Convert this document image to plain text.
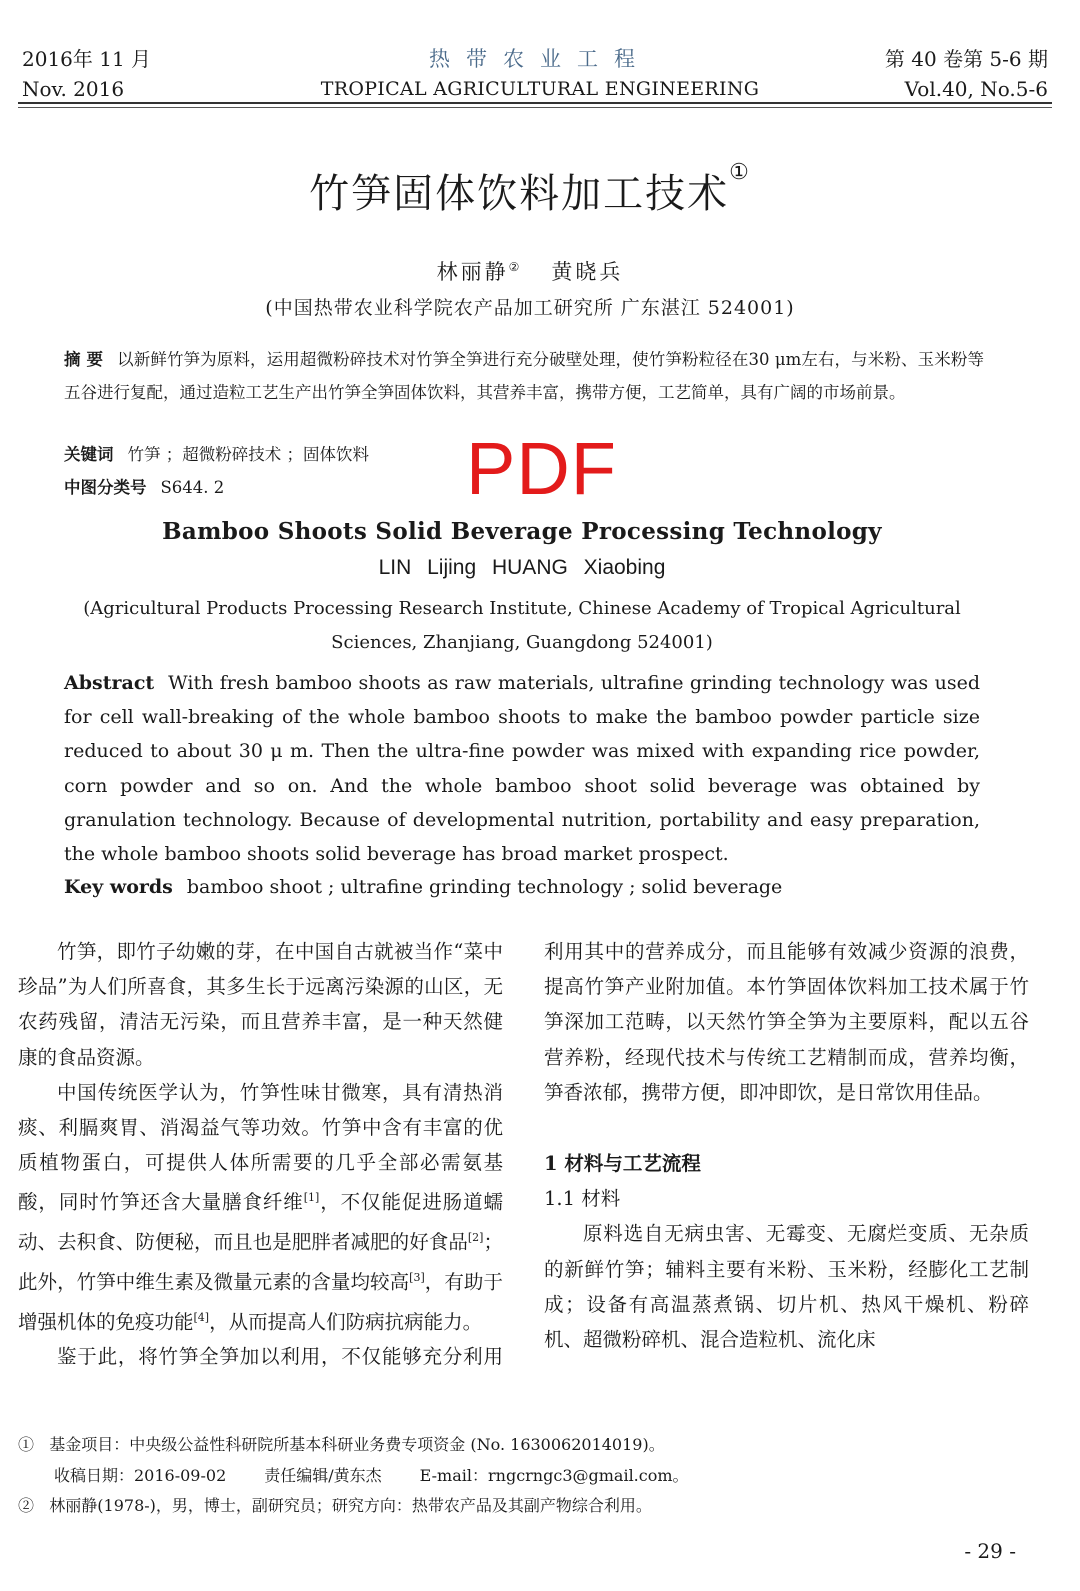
2016年 11 月
Nov. 2016
热带农业工程
TROPICAL AGRICULTURAL ENGINEERING
第 40 卷第 5-6 期
Vol.40, No.5-6
竹笋固体饮料加工技术①
林丽静② 黄晓兵
(中国热带农业科学院农产品加工研究所 广东湛江 524001)
摘 要 以新鲜竹笋为原料，运用超微粉碎技术对竹笋全笋进行充分破壁处理，使竹笋粉粒径在30 μm左右，与米粉、玉米粉等五谷进行复配，通过造粒工艺生产出竹笋全笋固体饮料，其营养丰富，携带方便，工艺简单，具有广阔的市场前景。
关键词 竹笋 ；超微粉碎技术 ；固体饮料
中图分类号 S644. 2	PDF
Bamboo Shoots Solid Beverage Processing Technology
LIN Lijing HUANG Xiaobing
(Agricultural Products Processing Research Institute, Chinese Academy of Tropical Agricultural Sciences, Zhanjiang, Guangdong 524001)
Abstract With fresh bamboo shoots as raw materials, ultrafine grinding technology was used for cell wall-breaking of the whole bamboo shoots to make the bamboo powder particle size reduced to about 30 μ m. Then the ultra-fine powder was mixed with expanding rice powder, corn powder and so on. And the whole bamboo shoot solid beverage was obtained by granulation technology. Because of developmental nutrition, portability and easy preparation, the whole bamboo shoots solid beverage has broad market prospect.
Key words bamboo shoot ; ultrafine grinding technology ; solid beverage

竹笋，即竹子幼嫩的芽，在中国自古就被当作“菜中珍品”为人们所喜食，其多生长于远离污染源的山区，无农药残留，清洁无污染，而且营养丰富，是一种天然健康的食品资源。

中国传统医学认为，竹笋性味甘微寒，具有清热消痰、利膈爽胃、消渴益气等功效。竹笋中含有丰富的优质植物蛋白，可提供人体所需要的几乎全部必需氨基酸，同时竹笋还含大量膳食纤维[1]，不仅能促进肠道蠕动、去积食、防便秘，而且也是肥胖者减肥的好食品[2]；此外，竹笋中维生素及微量元素的含量均较高[3]，有助于增强机体的免疫功能[4]，从而提高人们防病抗病能力。

鉴于此，将竹笋全笋加以利用，不仅能够充分利用

利用其中的营养成分，而且能够有效减少资源的浪费，提高竹笋产业附加值。本竹笋固体饮料加工技术属于竹笋深加工范畴，以天然竹笋全笋为主要原料，配以五谷营养粉，经现代技术与传统工艺精制而成，营养均衡，笋香浓郁，携带方便，即冲即饮，是日常饮用佳品。

1 材料与工艺流程

1.1 材料

原料选自无病虫害、无霉变、无腐烂变质、无杂质的新鲜竹笋；辅料主要有米粉、玉米粉，经膨化工艺制成；设备有高温蒸煮锅、切片机、热风干燥机、粉碎机、超微粉碎机、混合造粒机、流化床

① 基金项目：中央级公益性科研院所基本科研业务费专项资金 (No. 1630062014019)。
收稿日期：2016-09-02 责任编辑/黄东杰 E-mail：rngcrngc3@gmail.com。
② 林丽静(1978-)，男，博士，副研究员；研究方向：热带农产品及其副产物综合利用。
- 29 -
